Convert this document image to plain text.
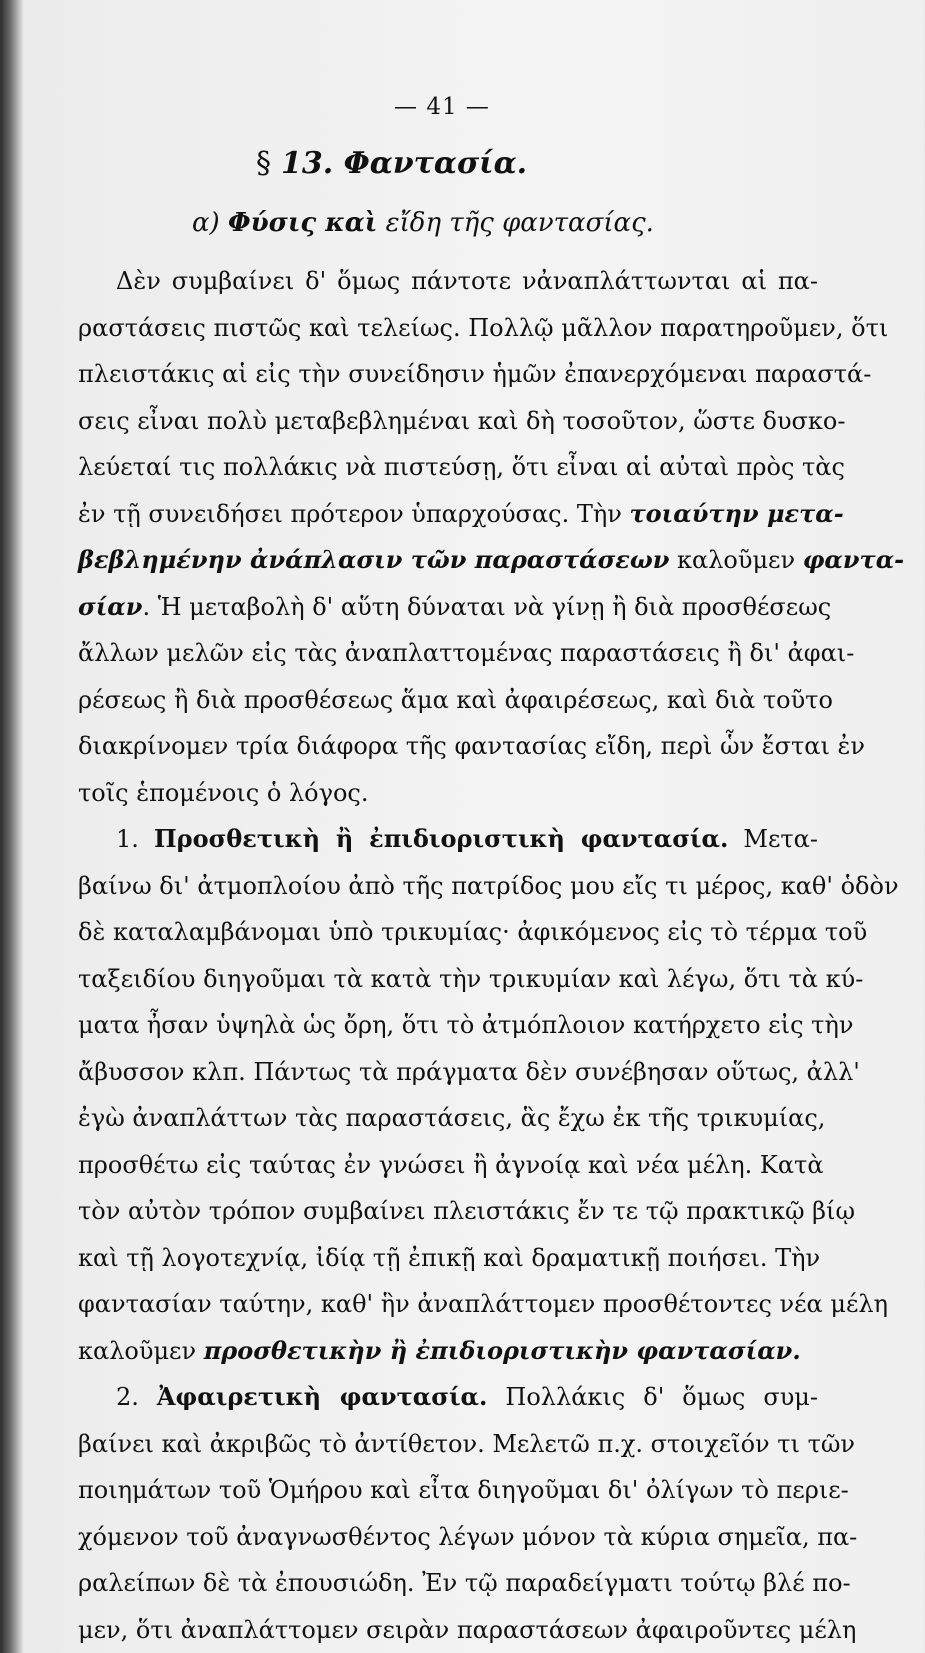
— 41 —
§ 13. Φαντασία.
α) Φύσις καὶ εἴδη τῆς φαντασίας.
Δὲν συμβαίνει δ' ὅμως πάντοτε νἀναπλάττωνται αἱ πα-
ραστάσεις πιστῶς καὶ τελείως. Πολλῷ μᾶλλον παρατηροῦμεν, ὅτι
πλειστάκις αἱ εἰς τὴν συνείδησιν ἡμῶν ἐπανερχόμεναι παραστά-
σεις εἶναι πολὺ μεταβεβλημέναι καὶ δὴ τοσοῦτον, ὥστε δυσκο-
λεύεταί τις πολλάκις νὰ πιστεύσῃ, ὅτι εἶναι αἱ αὐταὶ πρὸς τὰς
ἐν τῇ συνειδήσει πρότερον ὑπαρχούσας. Τὴν τοιαύτην μετα-
βεβλημένην ἀνάπλασιν τῶν παραστάσεων καλοῦμεν φαντα-
σίαν. Ἡ μεταβολὴ δ' αὕτη δύναται νὰ γίνῃ ἢ διὰ προσθέσεως
ἄλλων μελῶν εἰς τὰς ἀναπλαττομένας παραστάσεις ἢ δι' ἀφαι-
ρέσεως ἢ διὰ προσθέσεως ἅμα καὶ ἀφαιρέσεως, καὶ διὰ τοῦτο
διακρίνομεν τρία διάφορα τῆς φαντασίας εἴδη, περὶ ὧν ἔσται ἐν
τοῖς ἑπομένοις ὁ λόγος.
1. Προσθετικὴ ἢ ἐπιδιοριστικὴ φαντασία. Μετα-
βαίνω δι' ἀτμοπλοίου ἀπὸ τῆς πατρίδος μου εἴς τι μέρος, καθ' ὁδὸν
δὲ καταλαμβάνομαι ὑπὸ τρικυμίας· ἀφικόμενος εἰς τὸ τέρμα τοῦ
ταξειδίου διηγοῦμαι τὰ κατὰ τὴν τρικυμίαν καὶ λέγω, ὅτι τὰ κύ-
ματα ἦσαν ὑψηλὰ ὡς ὄρη, ὅτι τὸ ἀτμόπλοιον κατήρχετο εἰς τὴν
ἄβυσσον κλπ. Πάντως τὰ πράγματα δὲν συνέβησαν οὕτως, ἀλλ'
ἐγὼ ἀναπλάττων τὰς παραστάσεις, ἃς ἔχω ἐκ τῆς τρικυμίας,
προσθέτω εἰς ταύτας ἐν γνώσει ἢ ἀγνοίᾳ καὶ νέα μέλη. Κατὰ
τὸν αὐτὸν τρόπον συμβαίνει πλειστάκις ἔν τε τῷ πρακτικῷ βίῳ
καὶ τῇ λογοτεχνίᾳ, ἰδίᾳ τῇ ἐπικῇ καὶ δραματικῇ ποιήσει. Τὴν
φαντασίαν ταύτην, καθ' ἣν ἀναπλάττομεν προσθέτοντες νέα μέλη
καλοῦμεν προσθετικὴν ἢ ἐπιδιοριστικὴν φαντασίαν.
2. Ἀφαιρετικὴ φαντασία. Πολλάκις δ' ὅμως συμ-
βαίνει καὶ ἀκριβῶς τὸ ἀντίθετον. Μελετῶ π.χ. στοιχεῖόν τι τῶν
ποιημάτων τοῦ Ὁμήρου καὶ εἶτα διηγοῦμαι δι' ὀλίγων τὸ περιε-
χόμενον τοῦ ἀναγνωσθέντος λέγων μόνον τὰ κύρια σημεῖα, πα-
ραλείπων δὲ τὰ ἐπουσιώδη. Ἐν τῷ παραδείγματι τούτῳ βλέ πο-
μεν, ὅτι ἀναπλάττομεν σειρὰν παραστάσεων ἀφαιροῦντες μέλη
